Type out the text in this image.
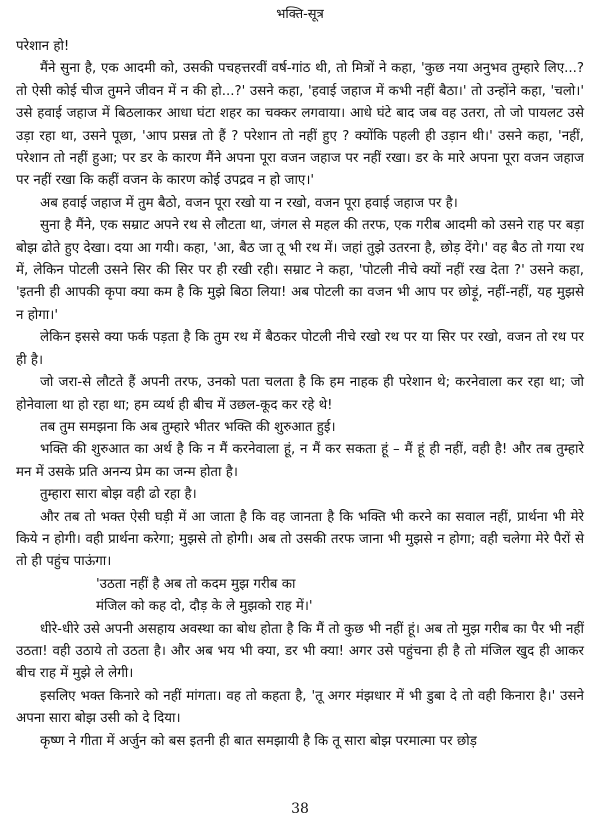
भक्ति-सूत्र

परेशान हो!

मैंने सुना है, एक आदमी को, उसकी पचहत्तरवीं वर्ष-गांठ थी, तो मित्रों ने कहा, 'कुछ नया अनुभव तुम्हारे लिए...? तो ऐसी कोई चीज तुमने जीवन में न की हो...?' उसने कहा, 'हवाई जहाज में कभी नहीं बैठा।' तो उन्होंने कहा, 'चलो।' उसे हवाई जहाज में बिठलाकर आधा घंटा शहर का चक्कर लगवाया। आधे घंटे बाद जब वह उतरा, तो जो पायलट उसे उड़ा रहा था, उसने पूछा, 'आप प्रसन्न तो हैं ? परेशान तो नहीं हुए ? क्योंकि पहली ही उड़ान थी।' उसने कहा, 'नहीं, परेशान तो नहीं हुआ; पर डर के कारण मैंने अपना पूरा वजन जहाज पर नहीं रखा। डर के मारे अपना पूरा वजन जहाज पर नहीं रखा कि कहीं वजन के कारण कोई उपद्रव न हो जाए।'

अब हवाई जहाज में तुम बैठो, वजन पूरा रखो या न रखो, वजन पूरा हवाई जहाज पर है।

सुना है मैंने, एक सम्राट अपने रथ से लौटता था, जंगल से महल की तरफ, एक गरीब आदमी को उसने राह पर बड़ा बोझ ढोते हुए देखा। दया आ गयी। कहा, 'आ, बैठ जा तू भी रथ में। जहां तुझे उतरना है, छोड़ देंगे।' वह बैठ तो गया रथ में, लेकिन पोटली उसने सिर की सिर पर ही रखी रही। सम्राट ने कहा, 'पोटली नीचे क्यों नहीं रख देता ?' उसने कहा, 'इतनी ही आपकी कृपा क्या कम है कि मुझे बिठा लिया! अब पोटली का वजन भी आप पर छोड़ूं, नहीं-नहीं, यह मुझसे न होगा।'

लेकिन इससे क्या फर्क पड़ता है कि तुम रथ में बैठकर पोटली नीचे रखो रथ पर या सिर पर रखो, वजन तो रथ पर ही है।

जो जरा-से लौटते हैं अपनी तरफ, उनको पता चलता है कि हम नाहक ही परेशान थे; करनेवाला कर रहा था; जो होनेवाला था हो रहा था; हम व्यर्थ ही बीच में उछल-कूद कर रहे थे!

तब तुम समझना कि अब तुम्हारे भीतर भक्ति की शुरुआत हुई।

भक्ति की शुरुआत का अर्थ है कि न मैं करनेवाला हूं, न मैं कर सकता हूं – मैं हूं ही नहीं, वही है! और तब तुम्हारे मन में उसके प्रति अनन्य प्रेम का जन्म होता है।

तुम्हारा सारा बोझ वही ढो रहा है।

और तब तो भक्त ऐसी घड़ी में आ जाता है कि वह जानता है कि भक्ति भी करने का सवाल नहीं, प्रार्थना भी मेरे किये न होगी। वही प्रार्थना करेगा; मुझसे तो होगी। अब तो उसकी तरफ जाना भी मुझसे न होगा; वही चलेगा मेरे पैरों से तो ही पहुंच पाऊंगा।

'उठता नहीं है अब तो कदम मुझ गरीब का
मंजिल को कह दो, दौड़ के ले मुझको राह में।'

धीरे-धीरे उसे अपनी असहाय अवस्था का बोध होता है कि मैं तो कुछ भी नहीं हूं। अब तो मुझ गरीब का पैर भी नहीं उठता! वही उठाये तो उठता है। और अब भय भी क्या, डर भी क्या! अगर उसे पहुंचना ही है तो मंजिल खुद ही आकर बीच राह में मुझे ले लेगी।

इसलिए भक्त किनारे को नहीं मांगता। वह तो कहता है, 'तू अगर मंझधार में भी डुबा दे तो वही किनारा है।' उसने अपना सारा बोझ उसी को दे दिया।

कृष्ण ने गीता में अर्जुन को बस इतनी ही बात समझायी है कि तू सारा बोझ परमात्मा पर छोड़

38
